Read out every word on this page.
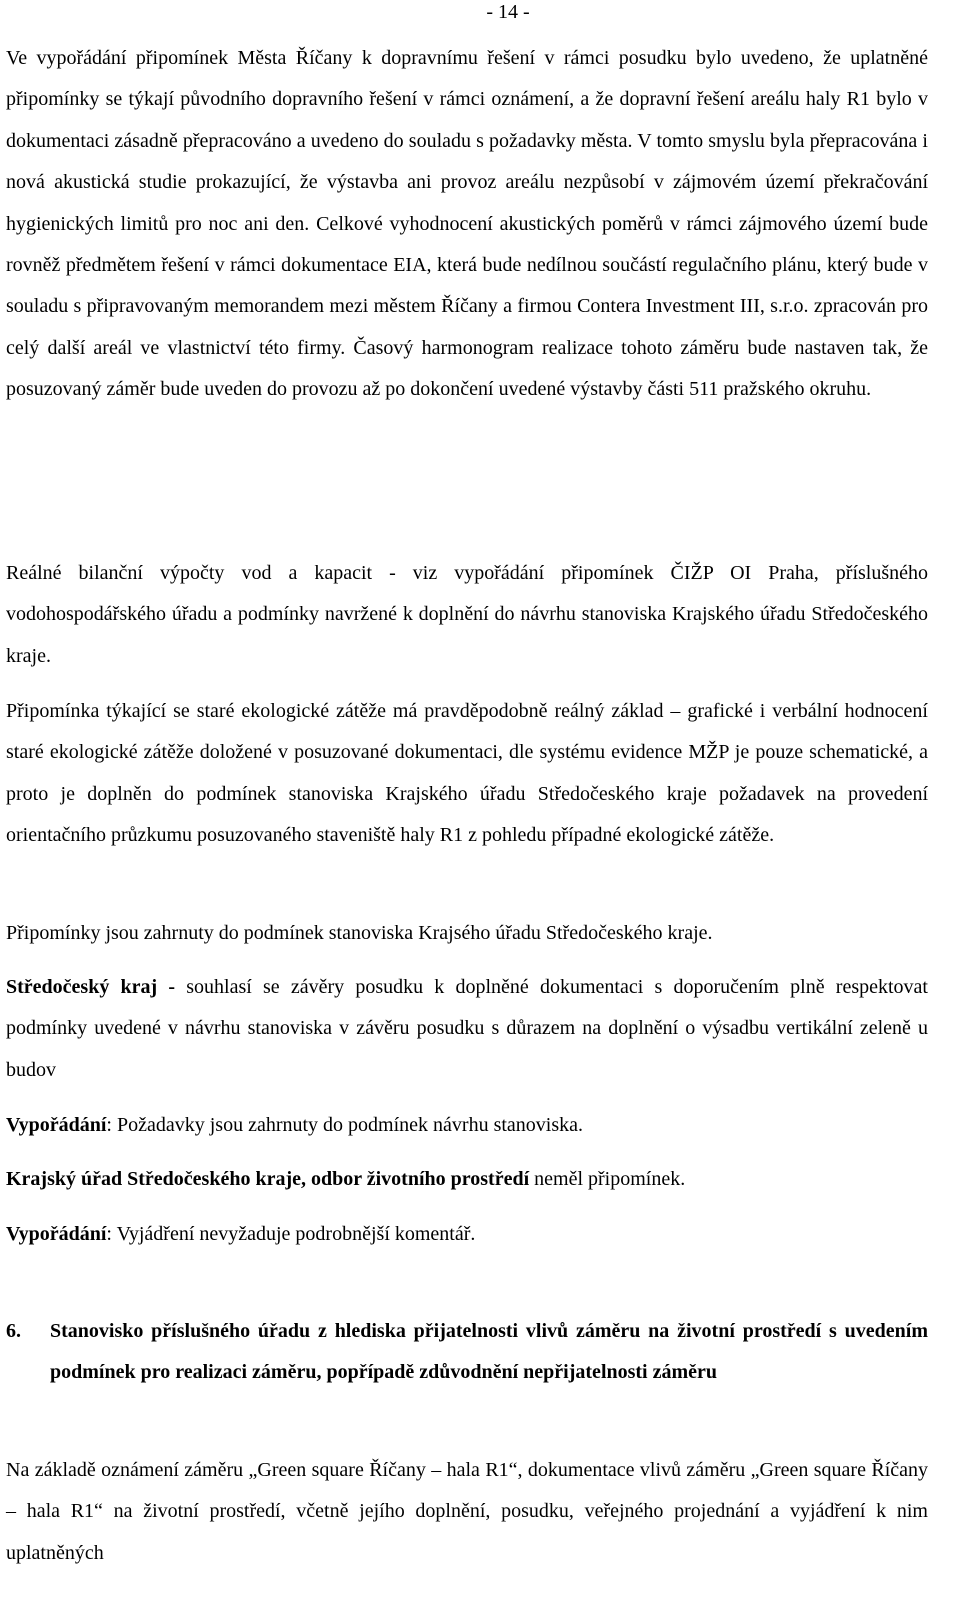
- 14 -

Ve vypořádání připomínek Města Říčany k dopravnímu řešení v rámci posudku bylo uvedeno, že uplatněné připomínky se týkají původního dopravního řešení v rámci oznámení, a že dopravní řešení areálu haly R1 bylo v dokumentaci zásadně přepracováno a uvedeno do souladu s požadavky města. V tomto smyslu byla přepracována i nová akustická studie prokazující, že výstavba ani provoz areálu nezpůsobí v zájmovém území překračování hygienických limitů pro noc ani den. Celkové vyhodnocení akustických poměrů v rámci zájmového území bude rovněž předmětem řešení v rámci dokumentace EIA, která bude nedílnou součástí regulačního plánu, který bude v souladu s připravovaným memorandem mezi městem Říčany a firmou Contera Investment III, s.r.o. zpracován pro celý další areál ve vlastnictví této firmy. Časový harmonogram realizace tohoto záměru bude nastaven tak, že posuzovaný záměr bude uveden do provozu až po dokončení uvedené výstavby části 511 pražského okruhu.

Reálné bilanční výpočty vod a kapacit - viz vypořádání připomínek ČIŽP OI Praha, příslušného vodohospodářského úřadu a podmínky navržené k doplnění do návrhu stanoviska Krajského úřadu Středočeského kraje.

Připomínka týkající se staré ekologické zátěže má pravděpodobně reálný základ – grafické i verbální hodnocení staré ekologické zátěže doložené v posuzované dokumentaci, dle systému evidence MŽP je pouze schematické, a proto je doplněn do podmínek stanoviska Krajského úřadu Středočeského kraje požadavek na provedení orientačního průzkumu posuzovaného staveniště haly R1 z pohledu případné ekologické zátěže.

Připomínky jsou zahrnuty do podmínek stanoviska Krajsého úřadu Středočeského kraje.

Středočeský kraj - souhlasí se závěry posudku k doplněné dokumentaci s doporučením plně respektovat podmínky uvedené v návrhu stanoviska v závěru posudku s důrazem na doplnění o výsadbu vertikální zeleně u budov

Vypořádání: Požadavky jsou zahrnuty do podmínek návrhu stanoviska.

Krajský úřad Středočeského kraje, odbor životního prostředí neměl připomínek.

Vypořádání: Vyjádření nevyžaduje podrobnější komentář.

6. Stanovisko příslušného úřadu z hlediska přijatelnosti vlivů záměru na životní prostředí s uvedením podmínek pro realizaci záměru, popřípadě zdůvodnění nepřijatelnosti záměru

Na základě oznámení záměru „Green square Říčany – hala R1“, dokumentace vlivů záměru „Green square Říčany – hala R1“ na životní prostředí, včetně jejího doplnění, posudku, veřejného projednání a vyjádření k nim uplatněných
